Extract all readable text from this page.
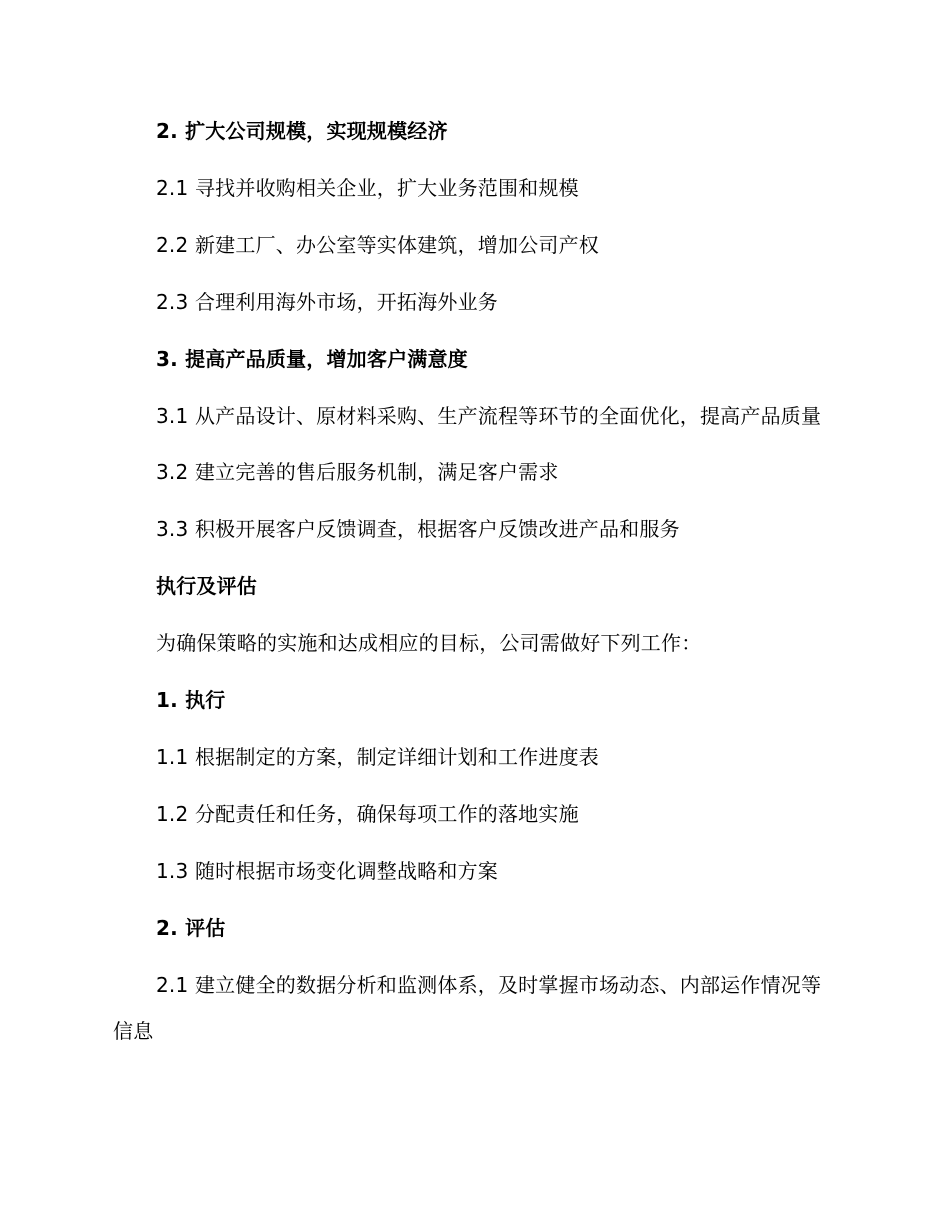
2. 扩大公司规模，实现规模经济

2.1 寻找并收购相关企业，扩大业务范围和规模

2.2 新建工厂、办公室等实体建筑，增加公司产权

2.3 合理利用海外市场，开拓海外业务

3. 提高产品质量，增加客户满意度

3.1 从产品设计、原材料采购、生产流程等环节的全面优化，提高产品质量

3.2 建立完善的售后服务机制，满足客户需求

3.3 积极开展客户反馈调查，根据客户反馈改进产品和服务

执行及评估

为确保策略的实施和达成相应的目标，公司需做好下列工作：

1. 执行

1.1 根据制定的方案，制定详细计划和工作进度表

1.2 分配责任和任务，确保每项工作的落地实施

1.3 随时根据市场变化调整战略和方案

2. 评估

2.1 建立健全的数据分析和监测体系，及时掌握市场动态、内部运作情况等信息
